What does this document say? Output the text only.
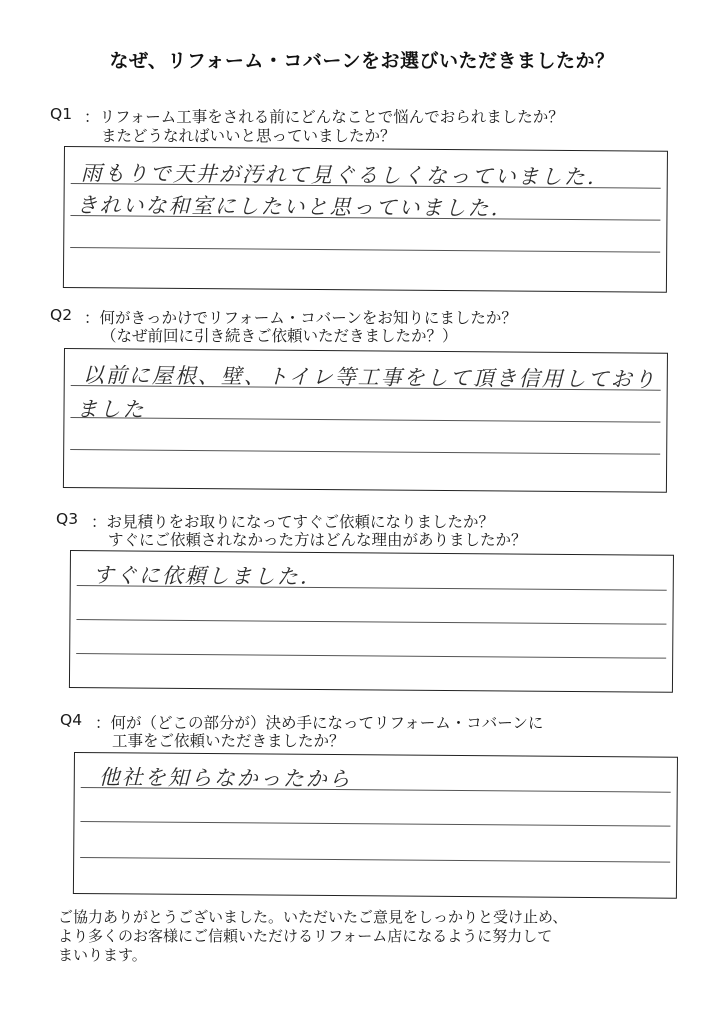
なぜ、リフォーム・コバーンをお選びいただきましたか？
Q1 ：リフォーム工事をされる前にどんなことで悩んでおられましたか？
またどうなればいいと思っていましたか？
雨もりで天井が汚れて見ぐるしくなっていました．
きれいな和室にしたいと思っていました．
Q2 ：何がきっかけでリフォーム・コバーンをお知りにましたか？
（なぜ前回に引き続きご依頼いただきましたか？）
以前に屋根、壁、トイレ等工事をして頂き信用しており
ました
Q3 ：お見積りをお取りになってすぐご依頼になりましたか？
すぐにご依頼されなかった方はどんな理由がありましたか？
すぐに依頼しました．
Q4 ：何が（どこの部分が）決め手になってリフォーム・コバーンに
工事をご依頼いただきましたか？
他社を知らなかったから
ご協力ありがとうございました。いただいたご意見をしっかりと受け止め、
より多くのお客様にご信頼いただけるリフォーム店になるように努力して
まいります。
